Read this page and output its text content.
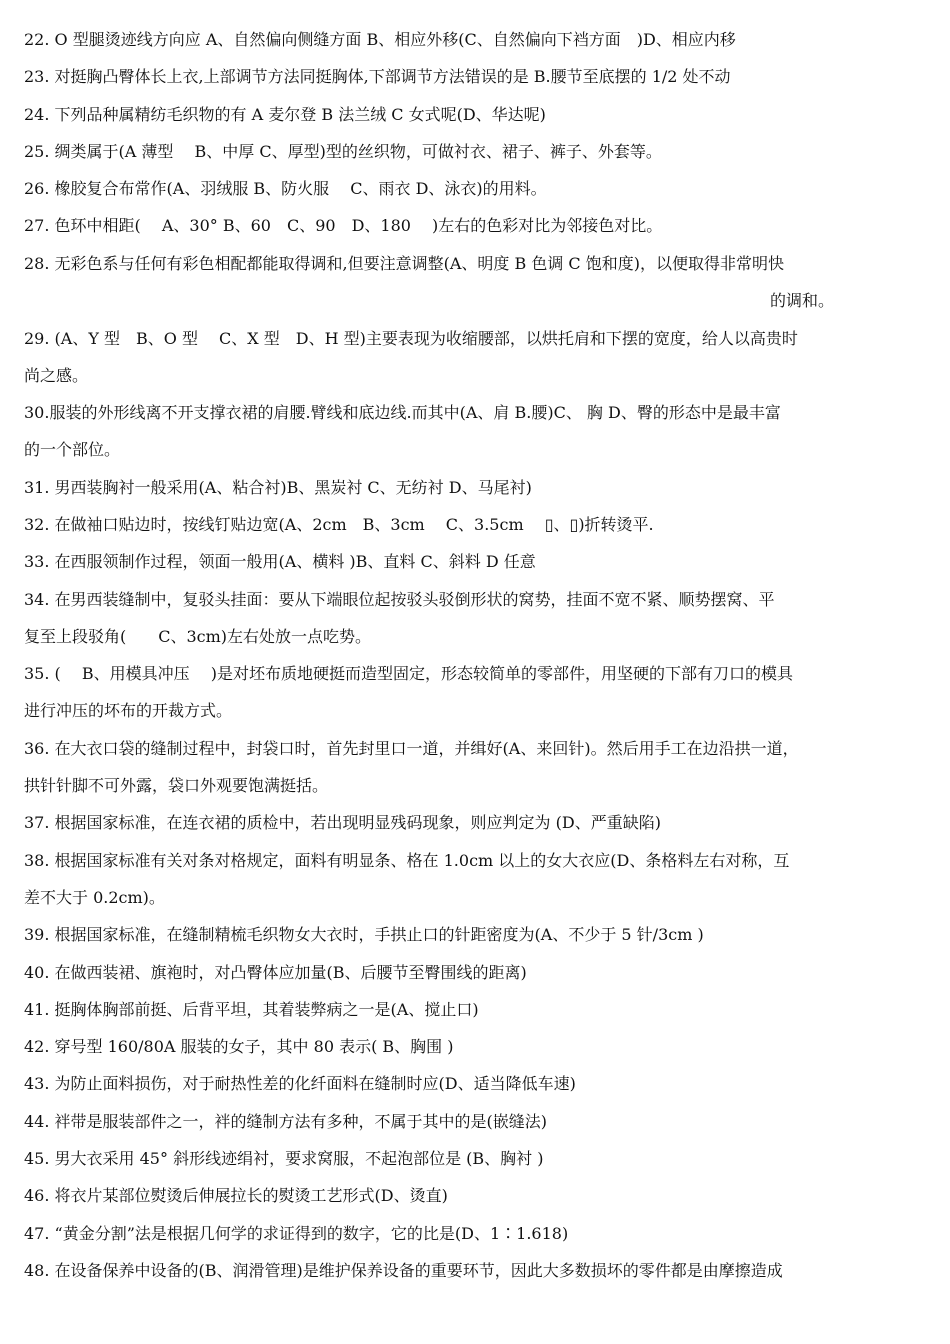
22. O 型腿烫迹线方向应 A、自然偏向侧缝方面 B、相应外移(C、自然偏向下裆方面　)D、相应内移
23. 对挺胸凸臀体长上衣,上部调节方法同挺胸体,下部调节方法错误的是 B.腰节至底摆的 1/2 处不动
24. 下列品种属精纺毛织物的有 A 麦尔登 B 法兰绒 C 女式呢(D、华达呢)
25. 绸类属于(A 薄型　 B、中厚 C、厚型)型的丝织物，可做衬衣、裙子、裤子、外套等。
26. 橡胶复合布常作(A、羽绒服 B、防火服　 C、雨衣 D、泳衣)的用料。
27. 色环中相距(　 A、30° B、60　C、90　D、180　 )左右的色彩对比为邻接色对比。
28. 无彩色系与任何有彩色相配都能取得调和,但要注意调整(A、明度 B 色调 C 饱和度)，以便取得非常明快
的调和。
29. (A、Y 型　B、O 型　 C、X 型　D、H 型)主要表现为收缩腰部，以烘托肩和下摆的宽度，给人以高贵时
尚之感。
30.服装的外形线离不开支撑衣裙的肩腰.臂线和底边线.而其中(A、肩 B.腰)C、 胸 D、臀的形态中是最丰富
的一个部位。
31. 男西装胸衬一般采用(A、粘合衬)B、黑炭衬 C、无纺衬 D、马尾衬)
32. 在做袖口贴边时，按线钉贴边宽(A、2cm　B、3cm　 C、3.5cm　 ▯、▯)折转烫平.
33. 在西服领制作过程，领面一般用(A、横料 )B、直料 C、斜料 D 任意
34. 在男西装缝制中，复驳头挂面：要从下端眼位起按驳头驳倒形状的窝势，挂面不宽不紧、顺势摆窝、平
复至上段驳角(　　C、3cm)左右处放一点吃势。
35. (　 B、用模具冲压　 )是对坯布质地硬挺而造型固定，形态较简单的零部件，用坚硬的下部有刀口的模具
进行冲压的坏布的开裁方式。
36. 在大衣口袋的缝制过程中，封袋口时，首先封里口一道，并缉好(A、来回针)。然后用手工在边沿拱一道，
拱针针脚不可外露，袋口外观要饱满挺括。
37. 根据国家标准，在连衣裙的质检中，若出现明显残码现象，则应判定为 (D、严重缺陷)
38. 根据国家标准有关对条对格规定，面料有明显条、格在 1.0cm 以上的女大衣应(D、条格料左右对称，互
差不大于 0.2cm)。
39. 根据国家标准，在缝制精梳毛织物女大衣时，手拱止口的针距密度为(A、不少于 5 针/3cm )
40. 在做西装裙、旗袍时，对凸臀体应加量(B、后腰节至臀围线的距离)
41. 挺胸体胸部前挺、后背平坦，其着装弊病之一是(A、搅止口)
42. 穿号型 160/80A 服装的女子，其中 80 表示( B、胸围 )
43. 为防止面料损伤，对于耐热性差的化纤面料在缝制时应(D、适当降低车速)
44. 袢带是服装部件之一，袢的缝制方法有多种，不属于其中的是(嵌缝法)
45. 男大衣采用 45° 斜形线迹绢衬，要求窝服，不起泡部位是 (B、胸衬 )
46. 将衣片某部位熨烫后伸展拉长的熨烫工艺形式(D、烫直)
47. “黄金分割”法是根据几何学的求证得到的数字，它的比是(D、1∶1.618)
48. 在设备保养中设备的(B、润滑管理)是维护保养设备的重要环节，因此大多数损坏的零件都是由摩擦造成
